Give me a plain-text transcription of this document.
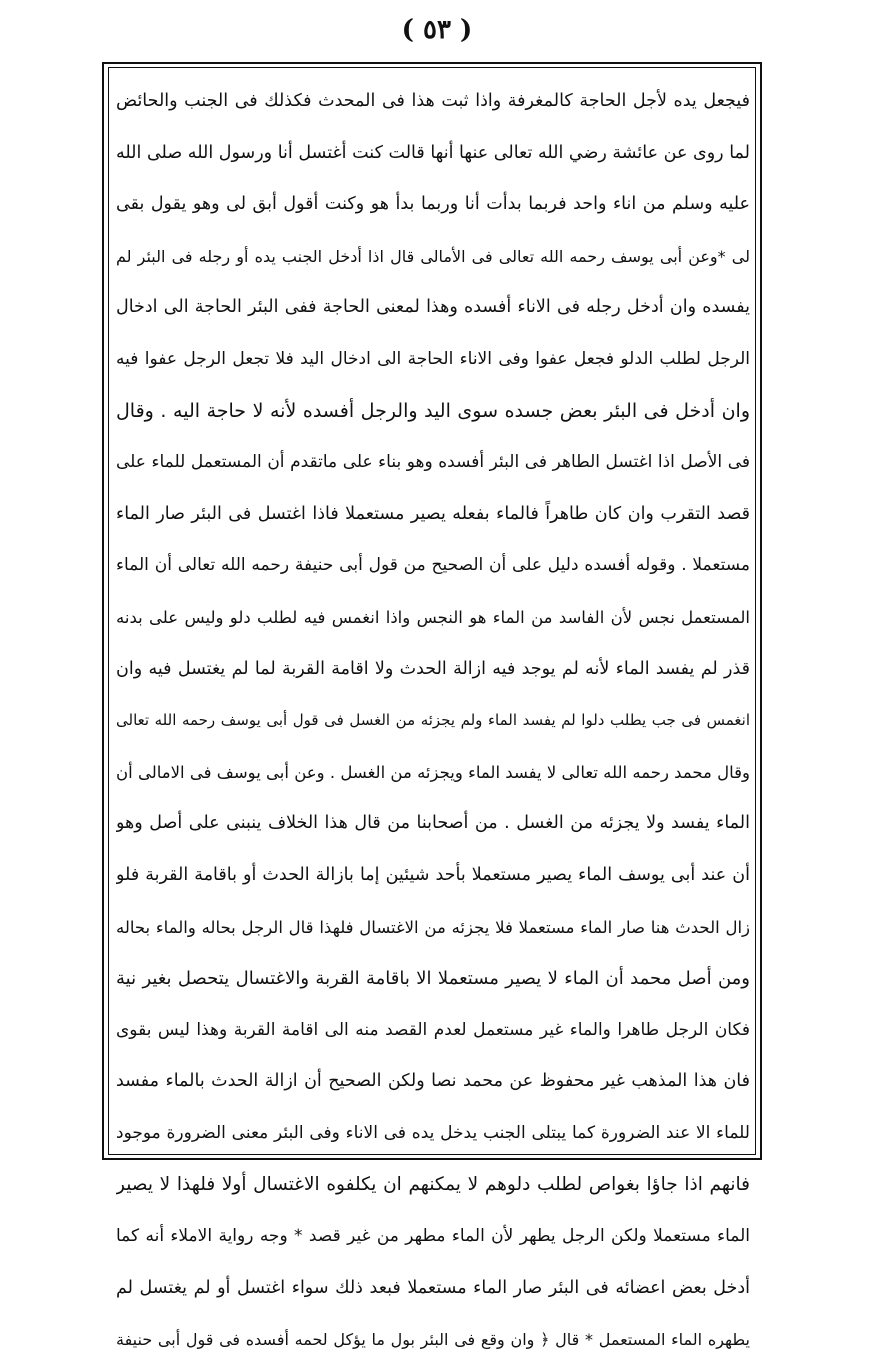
( ٥٣ )
فيجعل يده لأجل الحاجة كالمغرفة واذا ثبت هذا فى المحدث فكذلك فى الجنب والحائض
لما روى عن عائشة رضي الله تعالى عنها أنها قالت كنت أغتسل أنا ورسول الله صلى الله
عليه وسلم من اناء واحد فربما بدأت أنا وربما بدأ هو وكنت أقول أبق لى وهو يقول بقى
لى *وعن أبى يوسف رحمه الله تعالى فى الأمالى قال اذا أدخل الجنب يده أو رجله فى البئر لم
يفسده وان أدخل رجله فى الاناء أفسده وهذا لمعنى الحاجة ففى البئر الحاجة الى ادخال
الرجل لطلب الدلو فجعل عفوا وفى الاناء الحاجة الى ادخال اليد فلا تجعل الرجل عفوا فيه
وان أدخل فى البئر بعض جسده سوى اليد والرجل أفسده لأنه لا حاجة اليه . وقال
فى الأصل اذا اغتسل الطاهر فى البئر أفسده وهو بناء على ماتقدم أن المستعمل للماء على
قصد التقرب وان كان طاهراً فالماء بفعله يصير مستعملا فاذا اغتسل فى البئر صار الماء
مستعملا . وقوله أفسده دليل على أن الصحيح من قول أبى حنيفة رحمه الله تعالى أن الماء
المستعمل نجس لأن الفاسد من الماء هو النجس واذا انغمس فيه لطلب دلو وليس على بدنه
قذر لم يفسد الماء لأنه لم يوجد فيه ازالة الحدث ولا اقامة القربة لما لم يغتسل فيه وان
انغمس فى جب يطلب دلوا لم يفسد الماء ولم يجزئه من الغسل فى قول أبى يوسف رحمه الله تعالى
وقال محمد رحمه الله تعالى لا يفسد الماء ويجزئه من الغسل . وعن أبى يوسف فى الامالى أن
الماء يفسد ولا يجزئه من الغسل . من أصحابنا من قال هذا الخلاف ينبنى على أصل وهو
أن عند أبى يوسف الماء يصير مستعملا بأحد شيئين إما بازالة الحدث أو باقامة القربة فلو
زال الحدث هنا صار الماء مستعملا فلا يجزئه من الاغتسال فلهذا قال الرجل بحاله والماء بحاله
ومن أصل محمد أن الماء لا يصير مستعملا الا باقامة القربة والاغتسال يتحصل بغير نية
فكان الرجل طاهرا والماء غير مستعمل لعدم القصد منه الى اقامة القربة وهذا ليس بقوى
فان هذا المذهب غير محفوظ عن محمد نصا ولكن الصحيح أن ازالة الحدث بالماء مفسد
للماء الا عند الضرورة كما يبتلى الجنب يدخل يده فى الاناء وفى البئر معنى الضرورة موجود
فانهم اذا جاؤا بغواص لطلب دلوهم لا يمكنهم ان يكلفوه الاغتسال أولا فلهذا لا يصير
الماء مستعملا ولكن الرجل يطهر لأن الماء مطهر من غير قصد * وجه رواية الاملاء أنه كما
أدخل بعض اعضائه فى البئر صار الماء مستعملا فبعد ذلك سواء اغتسل أو لم يغتسل لم
يطهره الماء المستعمل * قال ﴿ وان وقع فى البئر بول ما يؤكل لحمه أفسده فى قول أبى حنيفة
